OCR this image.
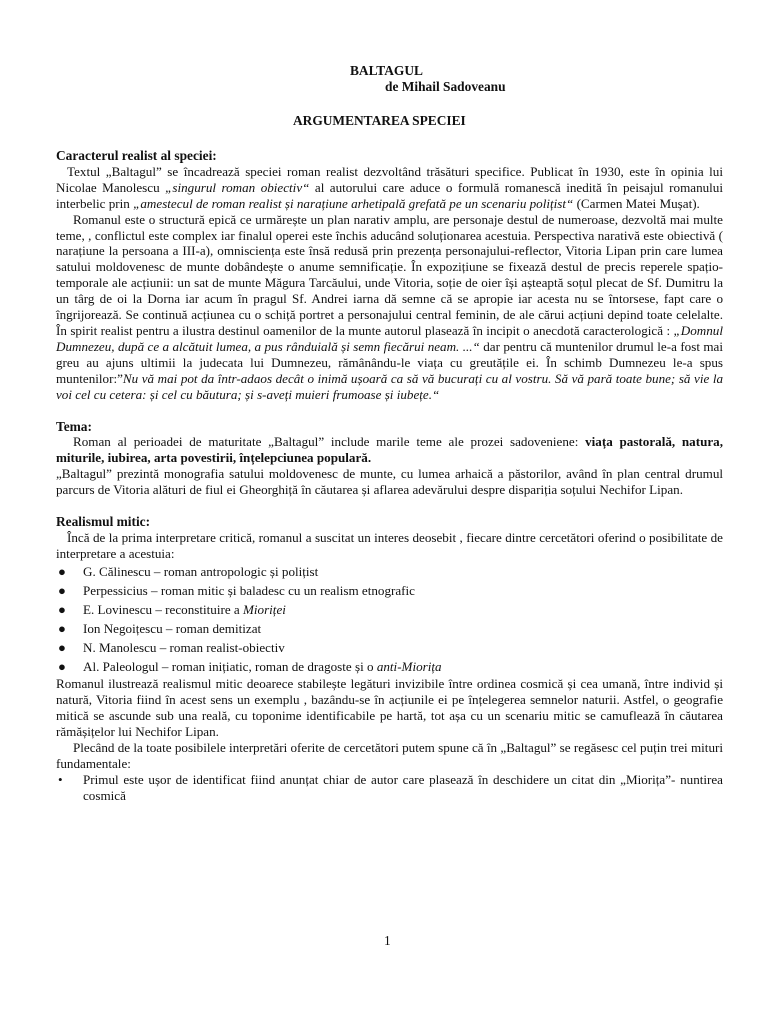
BALTAGUL
de Mihail Sadoveanu
ARGUMENTAREA SPECIEI
Caracterul realist al speciei:

Textul „Baltagul” se încadrează speciei roman realist dezvoltând trăsături specifice. Publicat în 1930, este în opinia lui Nicolae Manolescu „singurul roman obiectiv“ al autorului care aduce o formulă romanescă inedită în peisajul romanului interbelic prin „amestecul de roman realist și narațiune arhetipală grefată pe un scenariu polițist“ (Carmen Matei Mușat).

Romanul este o structură epică ce urmărește un plan narativ amplu, are personaje destul de numeroase, dezvoltă mai multe teme, , conflictul este complex iar finalul operei este închis aducând soluționarea acestuia. Perspectiva narativă este obiectivă ( narațiune la persoana a III-a), omnisciența este însă redusă prin prezența personajului-reflector, Vitoria Lipan prin care lumea satului moldovenesc de munte dobândește o anume semnificație. În expozițiune se fixează destul de precis reperele spațio-temporale ale acțiunii: un sat de munte Măgura Tarcăului, unde Vitoria, soție de oier își așteaptă soțul plecat de Sf. Dumitru la un târg de oi la Dorna iar acum în pragul Sf. Andrei iarna dă semne că se apropie iar acesta nu se întorsese, fapt care o îngrijorează. Se continuă acțiunea cu o schiță portret a personajului central feminin, de ale cărui acțiuni depind toate celelalte. În spirit realist pentru a ilustra destinul oamenilor de la munte autorul plasează în incipit o anecdotă caracterologică : „Domnul Dumnezeu, după ce a alcătuit lumea, a pus rânduială și semn fiecărui neam. ...“ dar pentru că muntenilor drumul le-a fost mai greu au ajuns ultimii la judecata lui Dumnezeu, rămânându-le viața cu greutățile ei. În schimb Dumnezeu le-a spus muntenilor:”Nu vă mai pot da într-adaos decât o inimă ușoară ca să vă bucurați cu al vostru. Să vă pară toate bune; să vie la voi cel cu cetera: și cel cu băutura; și s-aveți muieri frumoase și iubețe.“

Tema:

Roman al perioadei de maturitate „Baltagul” include marile teme ale prozei sadoveniene: viața pastorală, natura, miturile, iubirea, arta povestirii, înțelepciunea populară.

„Baltagul” prezintă monografia satului moldovenesc de munte, cu lumea arhaică a păstorilor, având în plan central drumul parcurs de Vitoria alături de fiul ei Gheorghiță în căutarea și aflarea adevărului despre dispariția soțului Nechifor Lipan.

Realismul mitic:

Încă de la prima interpretare critică, romanul a suscitat un interes deosebit , fiecare dintre cercetători oferind o posibilitate de interpretare a acestuia:

● G. Călinescu – roman antropologic și polițist
● Perpessicius – roman mitic și baladesc cu un realism etnografic
● E. Lovinescu – reconstituire a Mioriței
● Ion Negoițescu – roman demitizat
● N. Manolescu – roman realist-obiectiv
● Al. Paleologul – roman inițiatic, roman de dragoste și o anti-Miorița

Romanul ilustrează realismul mitic deoarece stabilește legături invizibile între ordinea cosmică și cea umană, între individ și natură, Vitoria fiind în acest sens un exemplu , bazându-se în acțiunile ei pe înțelegerea semnelor naturii. Astfel, o geografie mitică se ascunde sub una reală, cu toponime identificabile pe hartă, tot așa cu un scenariu mitic se camuflează în căutarea rămășițelor lui Nechifor Lipan.

Plecând de la toate posibilele interpretări oferite de cercetători putem spune că în „Baltagul” se regăsesc cel puțin trei mituri fundamentale:

• Primul este ușor de identificat fiind anunțat chiar de autor care plasează în deschidere un citat din „Miorița”- nuntirea cosmică
1
